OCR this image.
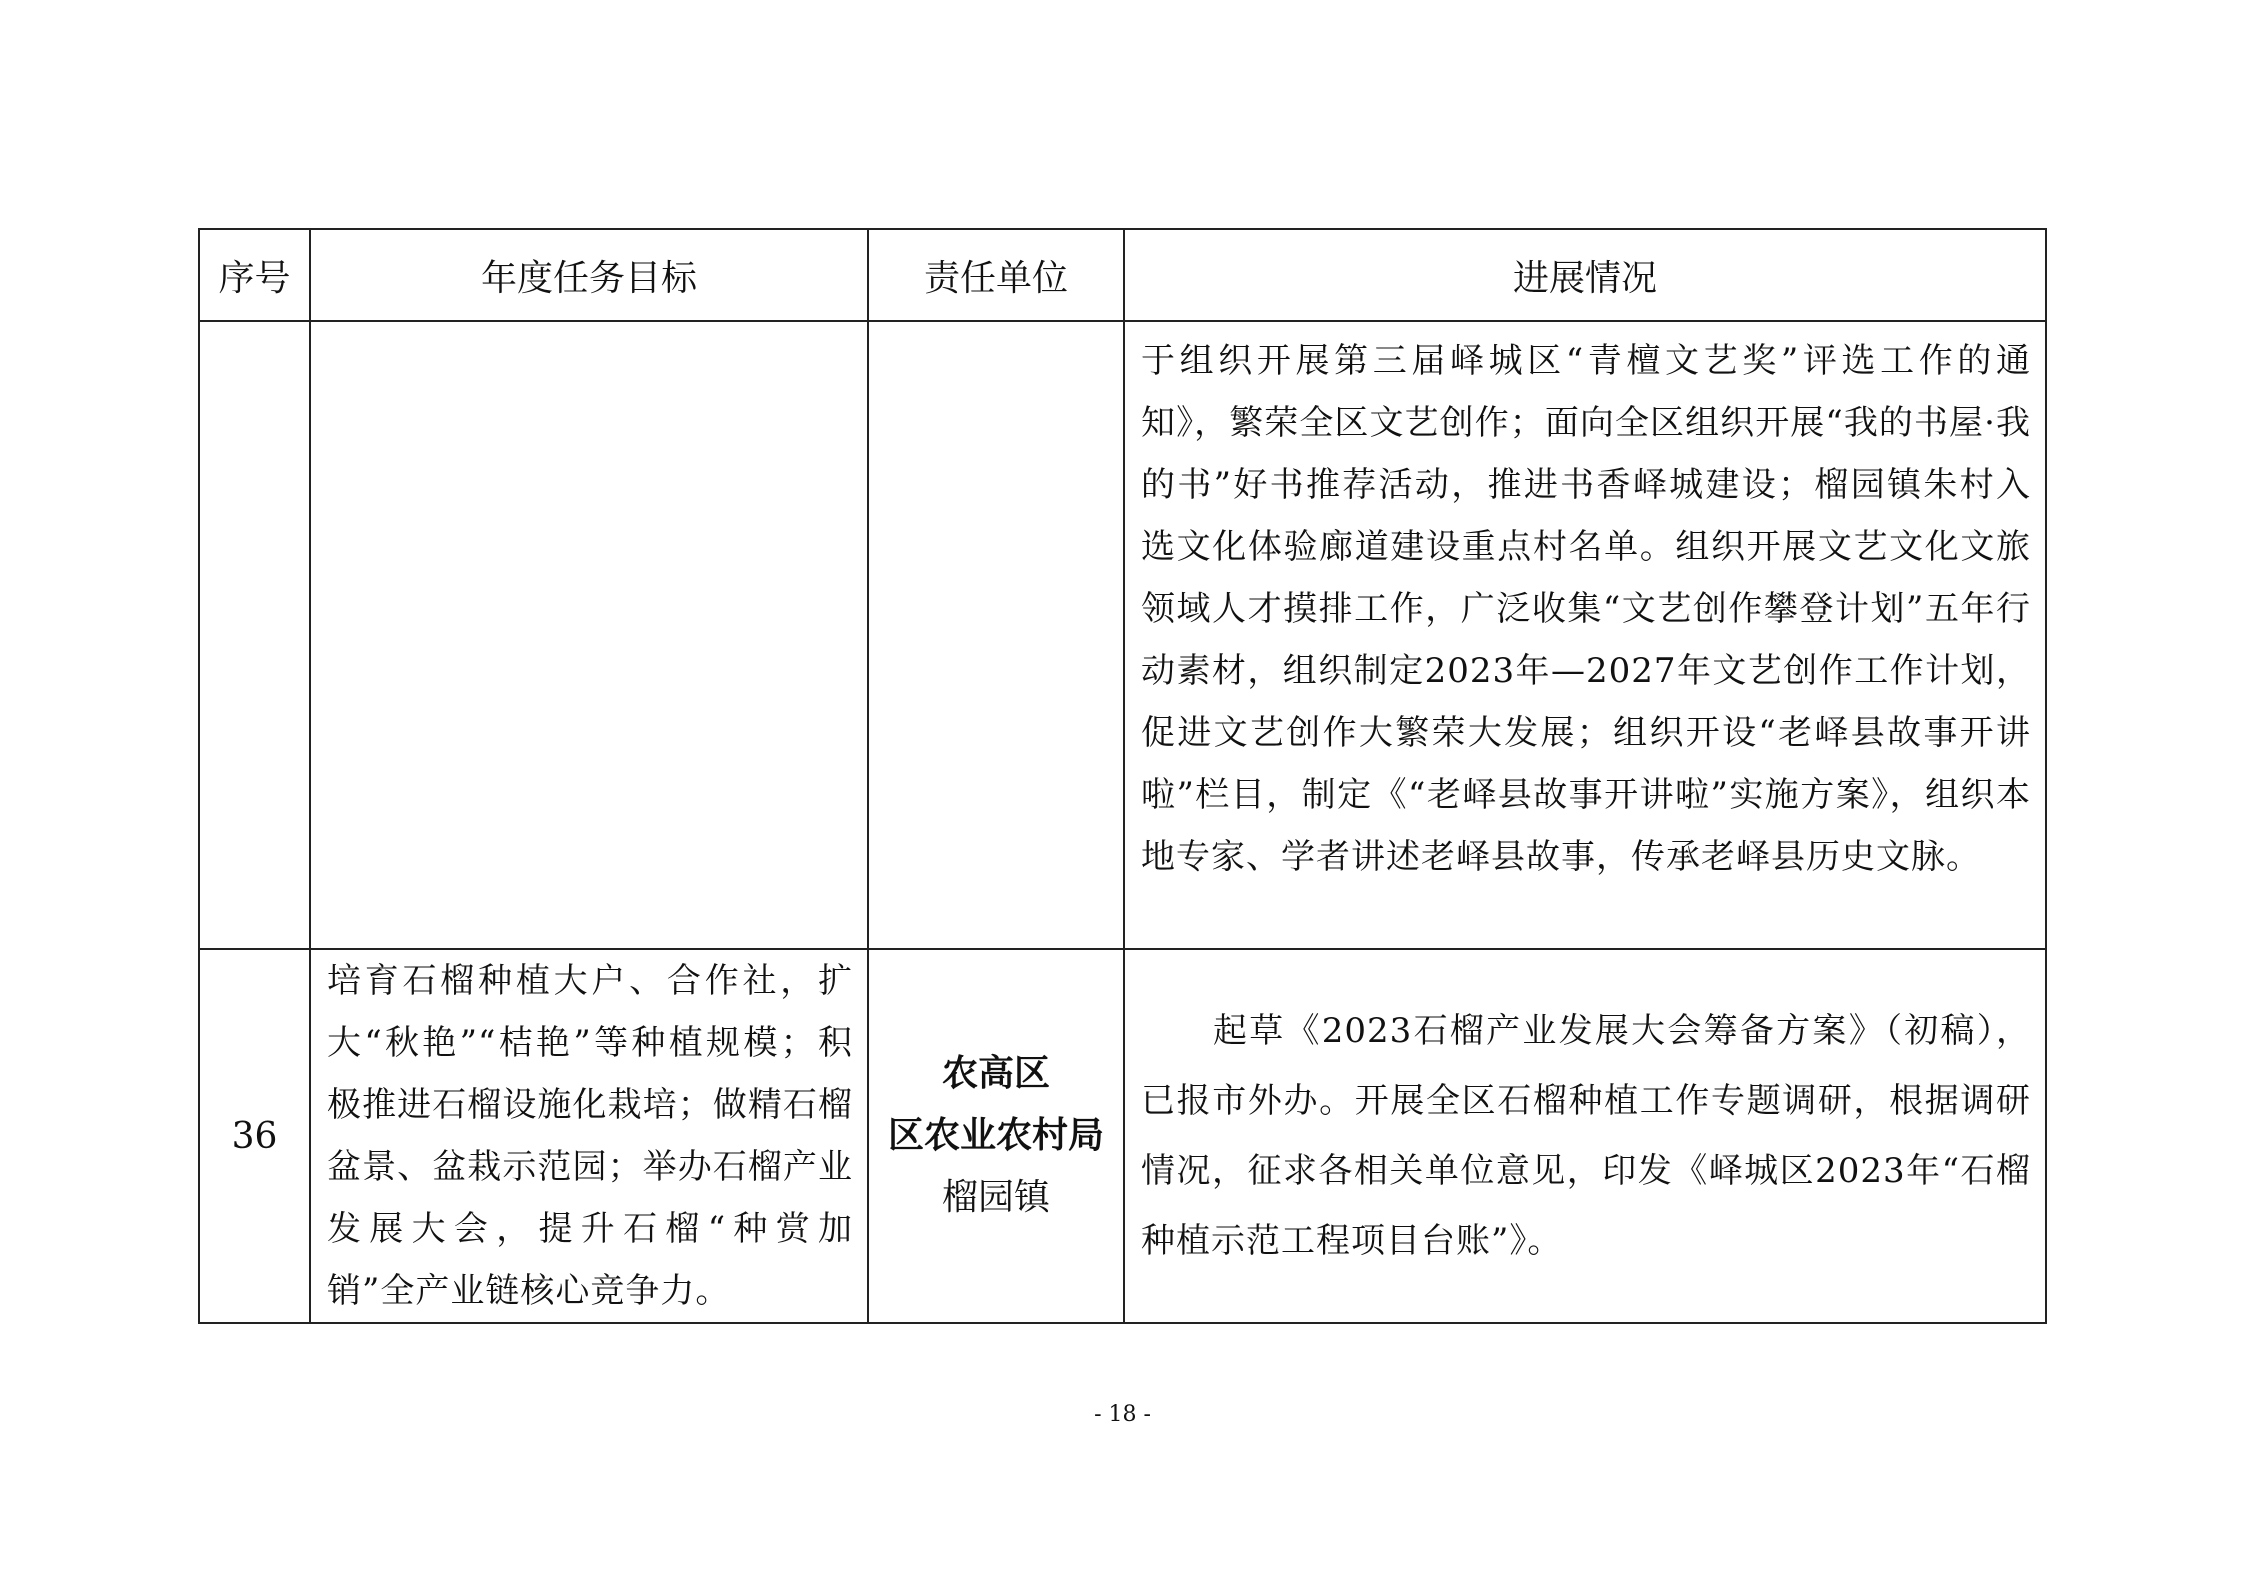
序号	年度任务目标	责任单位	进展情况

			于组织开展第三届峄城区“青檀文艺奖”评选工作的通知》，繁荣全区文艺创作；面向全区组织开展“我的书屋·我的书”好书推荐活动，推进书香峄城建设；榴园镇朱村入选文化体验廊道建设重点村名单。组织开展文艺文化文旅领域人才摸排工作，广泛收集“文艺创作攀登计划”五年行动素材，组织制定2023年—2027年文艺创作工作计划，促进文艺创作大繁荣大发展；组织开设“老峄县故事开讲啦”栏目，制定《“老峄县故事开讲啦”实施方案》，组织本地专家、学者讲述老峄县故事，传承老峄县历史文脉。

36	培育石榴种植大户、合作社，扩大“秋艳”“桔艳”等种植规模；积极推进石榴设施化栽培；做精石榴盆景、盆栽示范园；举办石榴产业发展大会，提升石榴“种赏加销”全产业链核心竞争力。	农高区
区农业农村局
榴园镇	起草《2023石榴产业发展大会筹备方案》（初稿），已报市外办。开展全区石榴种植工作专题调研，根据调研情况，征求各相关单位意见，印发《峄城区2023年“石榴种植示范工程项目台账”》。
- 18 -
